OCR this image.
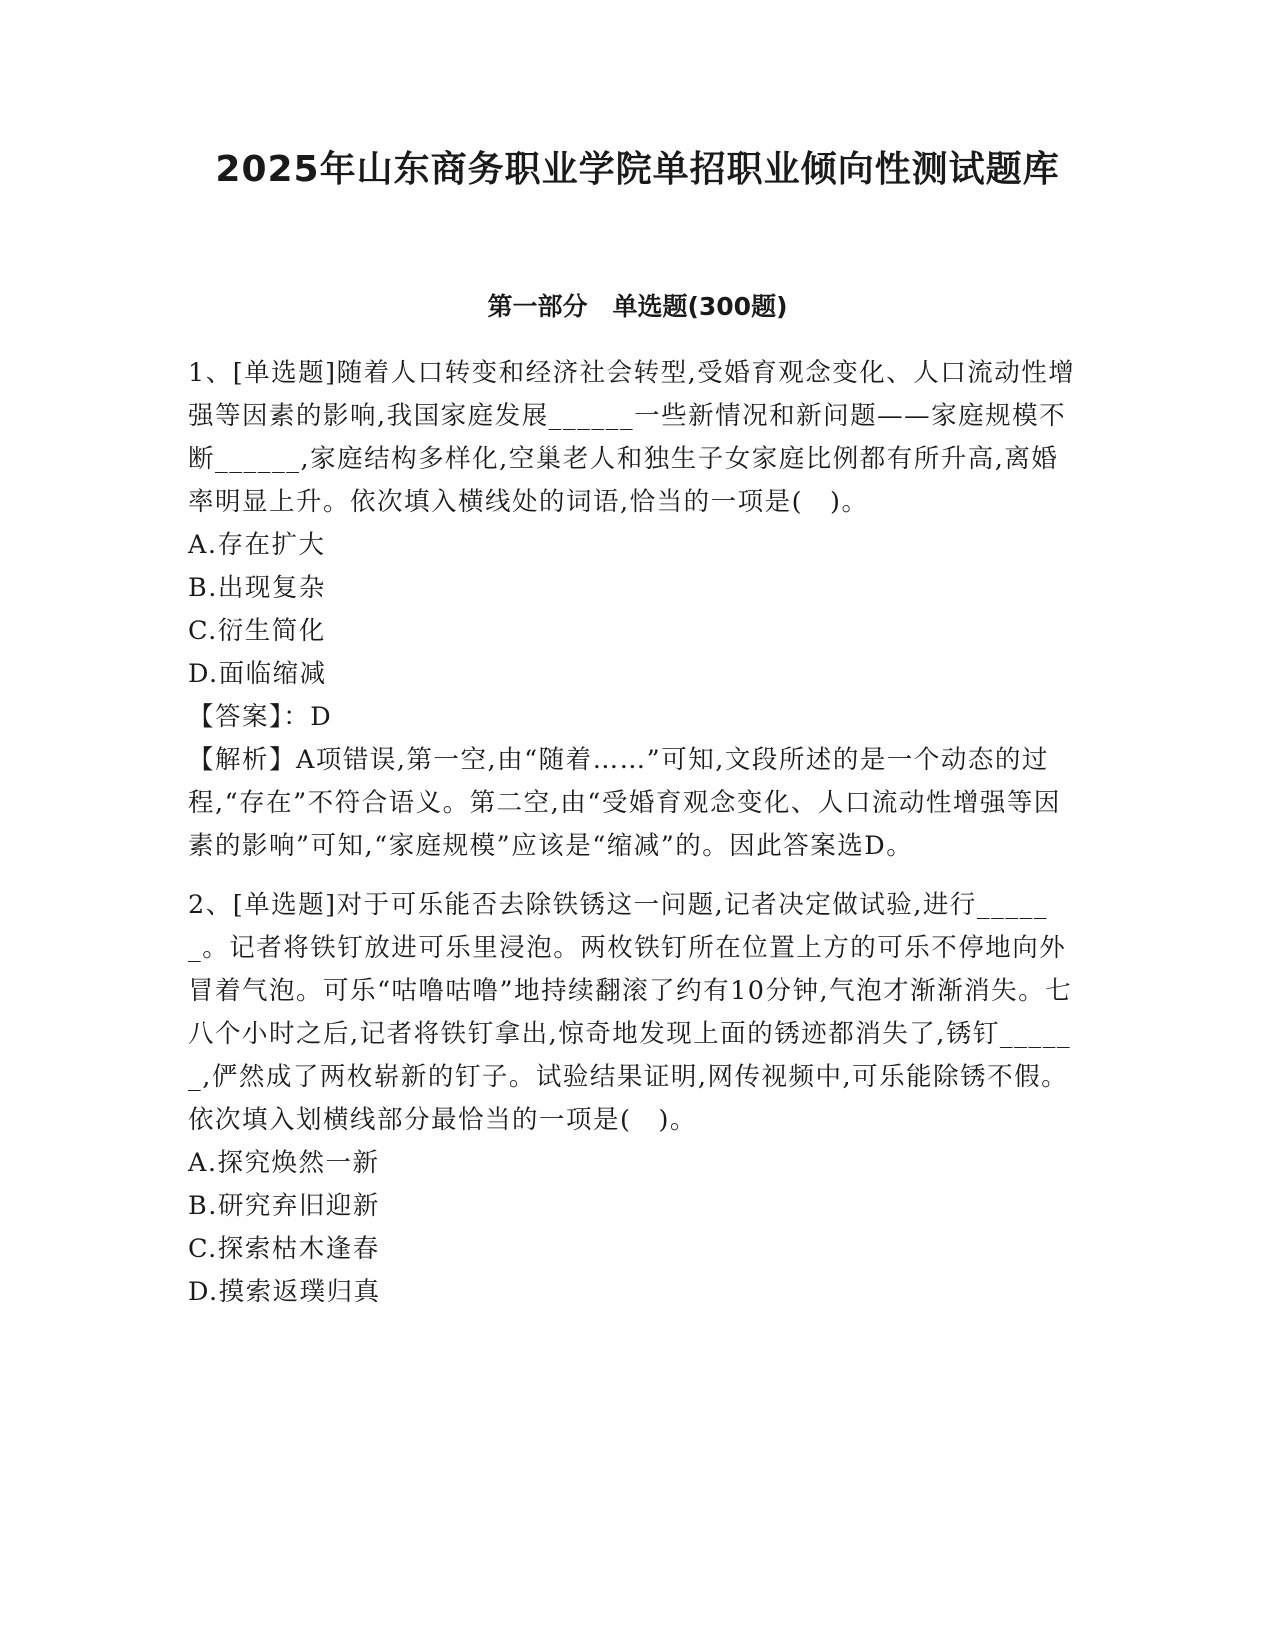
2025年山东商务职业学院单招职业倾向性测试题库
第一部分　单选题(300题)

1、[单选题]随着人口转变和经济社会转型,受婚育观念变化、人口流动性增强等因素的影响,我国家庭发展______一些新情况和新问题——家庭规模不断______,家庭结构多样化,空巢老人和独生子女家庭比例都有所升高,离婚率明显上升。依次填入横线处的词语,恰当的一项是(　)。

A.存在扩大

B.出现复杂

C.衍生简化

D.面临缩减

【答案】：D

【解析】A项错误,第一空,由“随着……”可知,文段所述的是一个动态的过程,“存在”不符合语义。第二空,由“受婚育观念变化、人口流动性增强等因素的影响”可知,“家庭规模”应该是“缩减”的。因此答案选D。

2、[单选题]对于可乐能否去除铁锈这一问题,记者决定做试验,进行______。记者将铁钉放进可乐里浸泡。两枚铁钉所在位置上方的可乐不停地向外冒着气泡。可乐“咕噜咕噜”地持续翻滚了约有10分钟,气泡才渐渐消失。七八个小时之后,记者将铁钉拿出,惊奇地发现上面的锈迹都消失了,锈钉______,俨然成了两枚崭新的钉子。试验结果证明,网传视频中,可乐能除锈不假。依次填入划横线部分最恰当的一项是(　)。

A.探究焕然一新

B.研究弃旧迎新

C.探索枯木逢春

D.摸索返璞归真
